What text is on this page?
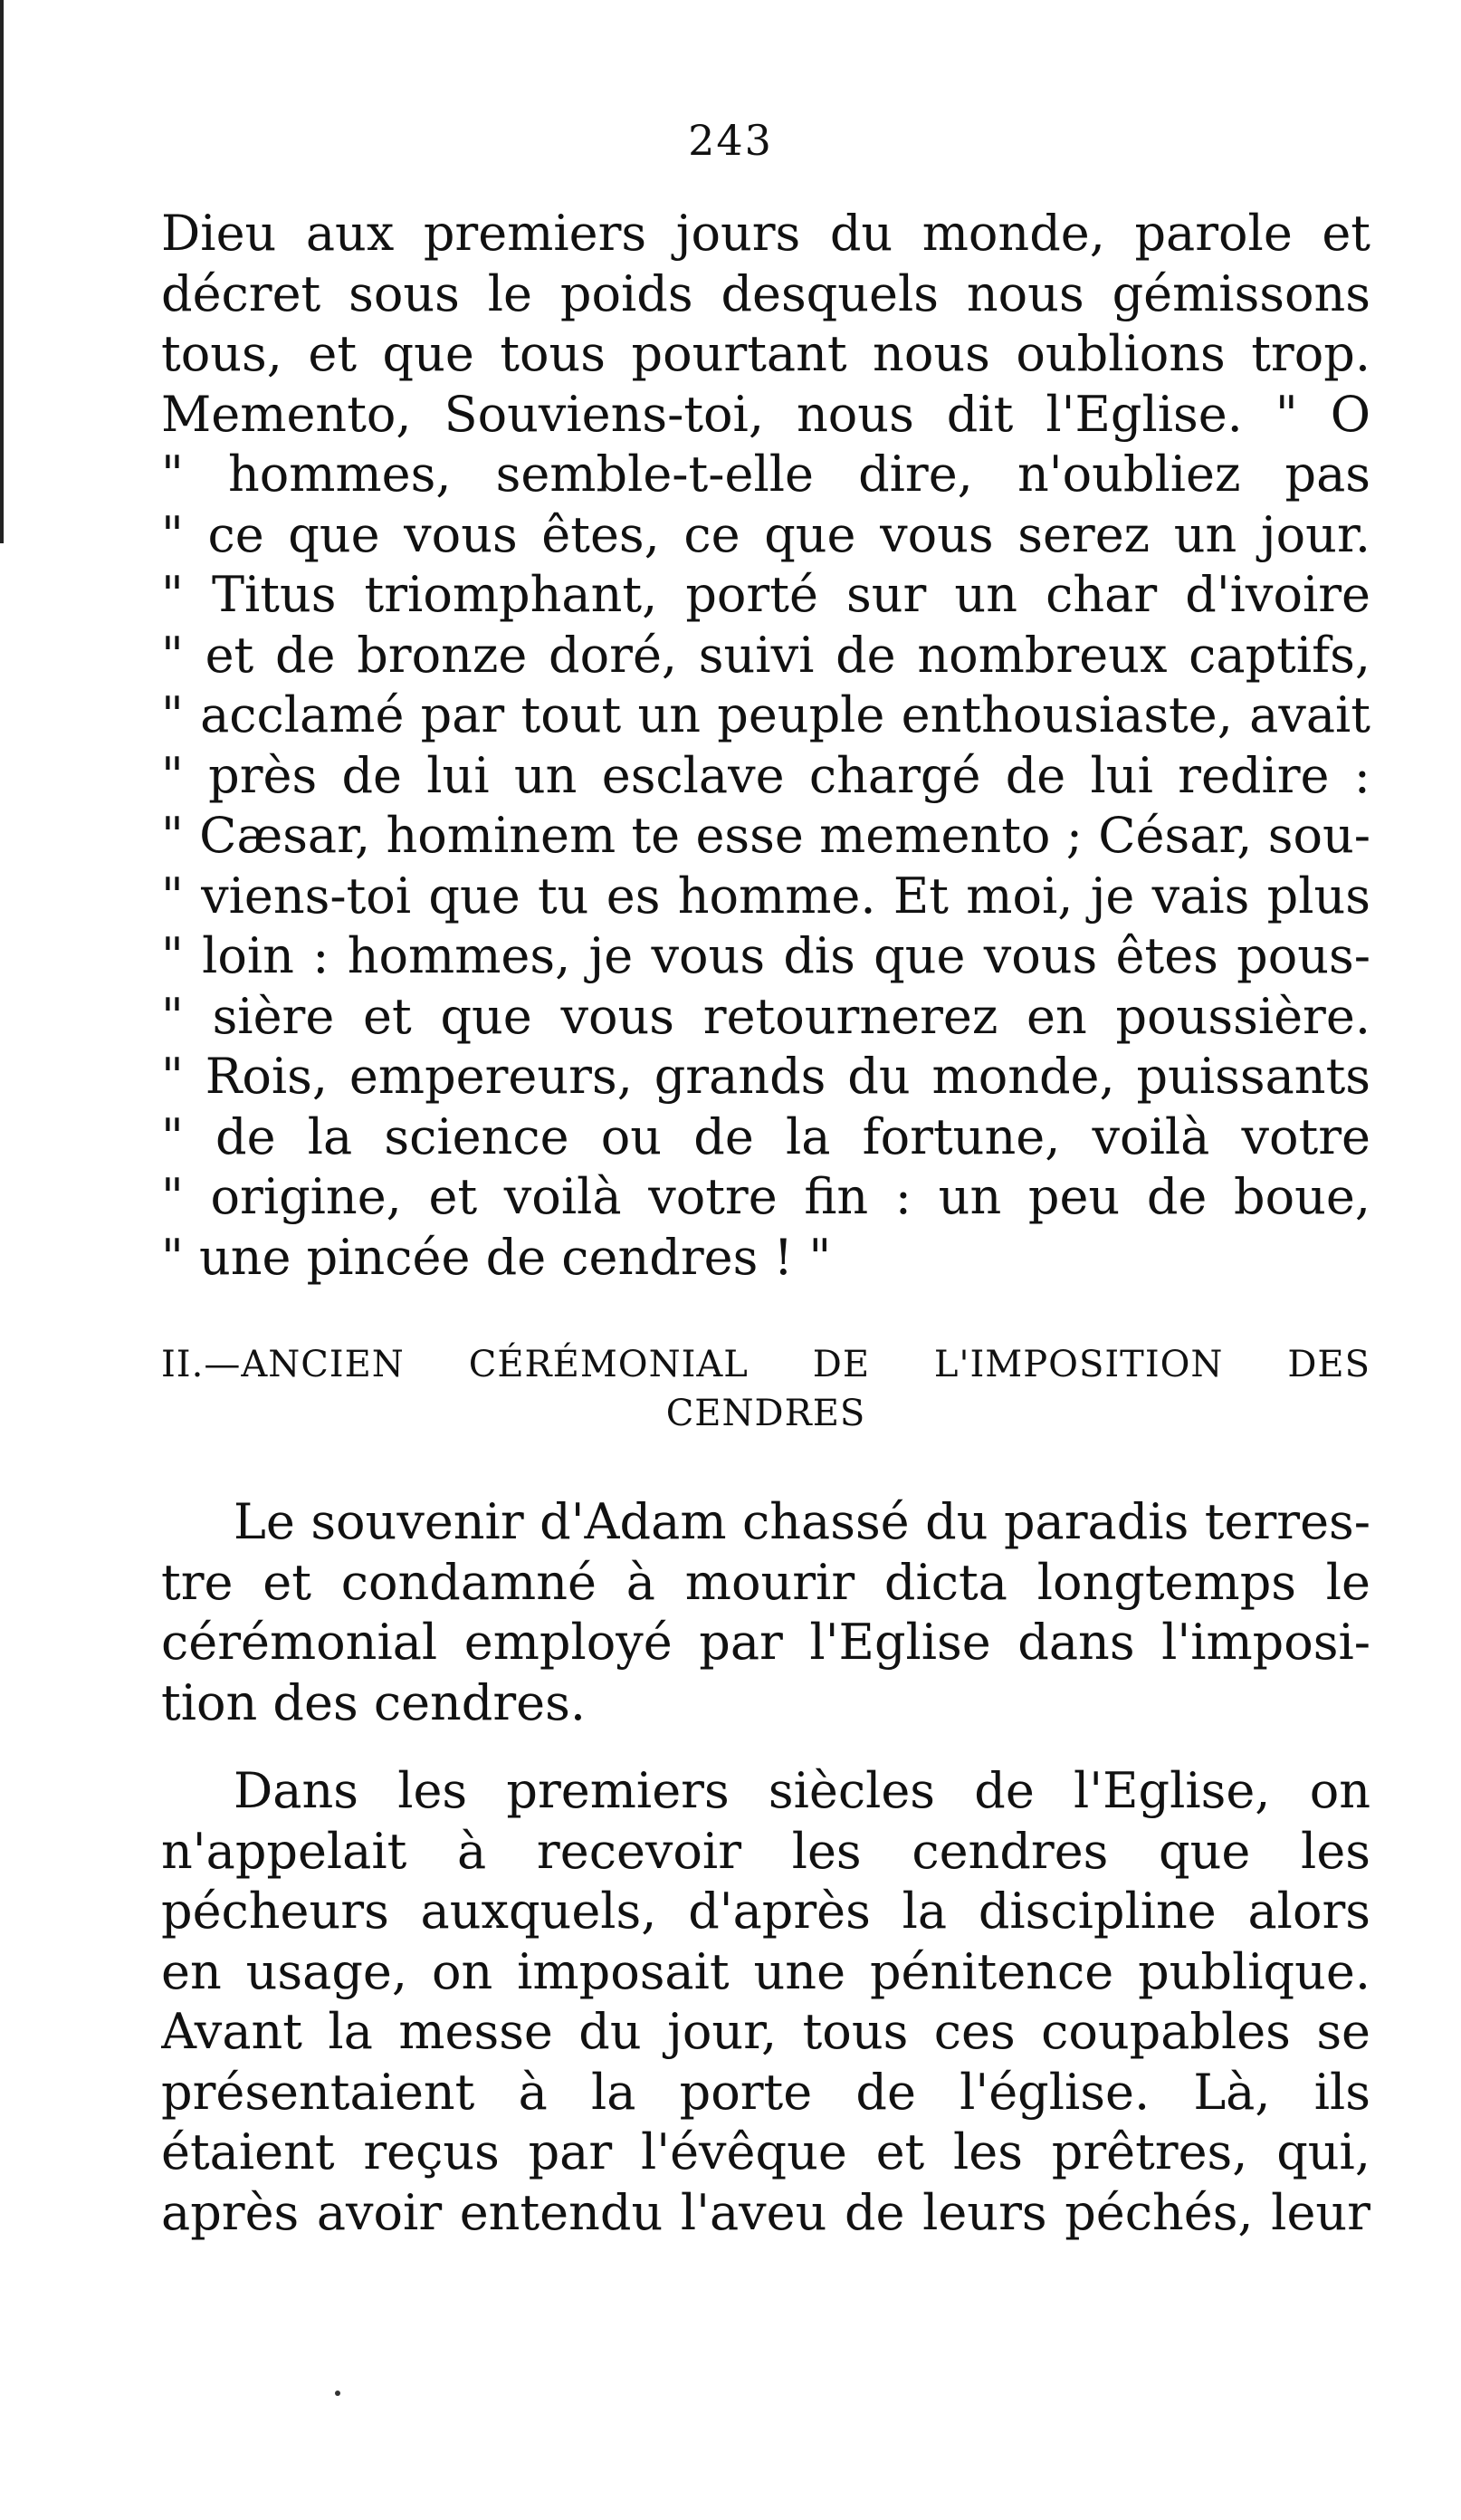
243
Dieu aux premiers jours du monde, parole et
décret sous le poids desquels nous gémissons
tous, et que tous pourtant nous oublions trop.
Memento, Souviens-toi, nous dit l'Eglise. " O
" hommes, semble-t-elle dire, n'oubliez pas
" ce que vous êtes, ce que vous serez un jour.
" Titus triomphant, porté sur un char d'ivoire
" et de bronze doré, suivi de nombreux captifs,
" acclamé par tout un peuple enthousiaste, avait
" près de lui un esclave chargé de lui redire :
" Cæsar, hominem te esse memento ; César, sou-
" viens-toi que tu es homme. Et moi, je vais plus
" loin : hommes, je vous dis que vous êtes pous-
" sière et que vous retournerez en poussière.
" Rois, empereurs, grands du monde, puissants
" de la science ou de la fortune, voilà votre
" origine, et voilà votre fin : un peu de boue,
" une pincée de cendres ! "
II.—ANCIEN CÉRÉMONIAL DE L'IMPOSITION DES
CENDRES
Le souvenir d'Adam chassé du paradis terres-
tre et condamné à mourir dicta longtemps le
cérémonial employé par l'Eglise dans l'imposi-
tion des cendres.
Dans les premiers siècles de l'Eglise, on
n'appelait à recevoir les cendres que les
pécheurs auxquels, d'après la discipline alors
en usage, on imposait une pénitence publique.
Avant la messe du jour, tous ces coupables se
présentaient à la porte de l'église. Là, ils
étaient reçus par l'évêque et les prêtres, qui,
après avoir entendu l'aveu de leurs péchés, leur
